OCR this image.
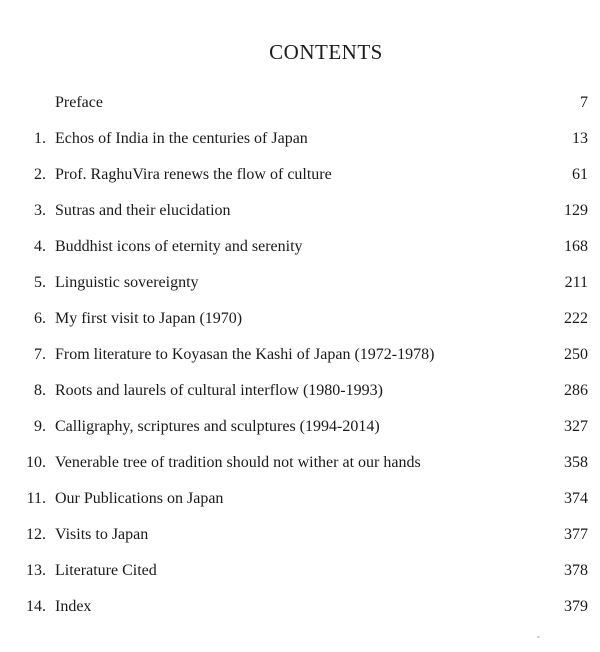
CONTENTS
Preface	7
1. Echos of India in the centuries of Japan	13
2. Prof. RaghuVira renews the flow of culture	61
3. Sutras and their elucidation	129
4. Buddhist icons of eternity and serenity	168
5. Linguistic sovereignty	211
6. My first visit to Japan (1970)	222
7. From literature to Koyasan the Kashi of Japan (1972-1978)	250
8. Roots and laurels of cultural interflow (1980-1993)	286
9. Calligraphy, scriptures and sculptures (1994-2014)	327
10. Venerable tree of tradition should not wither at our hands	358
11. Our Publications on Japan	374
12. Visits to Japan	377
13. Literature Cited	378
14. Index	379
